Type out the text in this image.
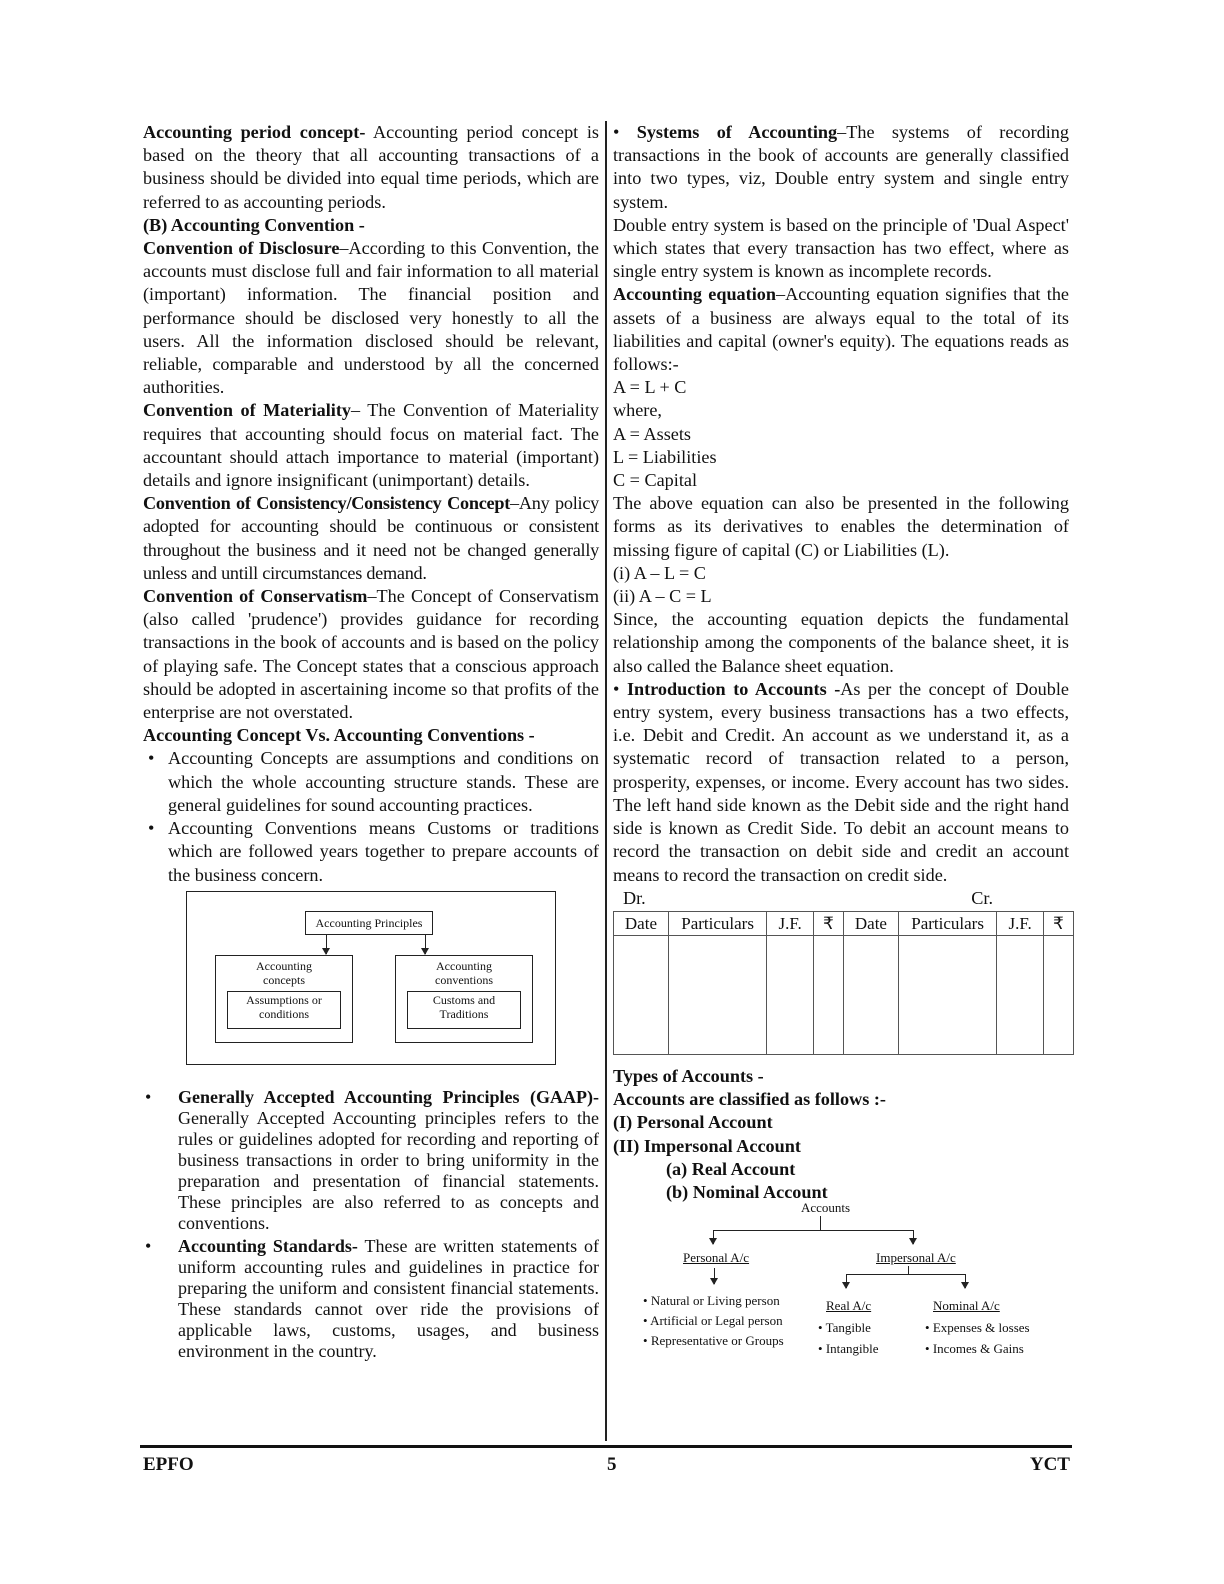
Accounting period concept- Accounting period concept is based on the theory that all accounting transactions of a business should be divided into equal time periods, which are referred to as accounting periods.

(B) Accounting Convention -

Convention of Disclosure–According to this Convention, the accounts must disclose full and fair information to all material (important) information. The financial position and performance should be disclosed very honestly to all the users. All the information disclosed should be relevant, reliable, comparable and understood by all the concerned authorities.

Convention of Materiality– The Convention of Materiality requires that accounting should focus on material fact. The accountant should attach importance to material (important) details and ignore insignificant (unimportant) details.

Convention of Consistency/Consistency Concept–Any policy adopted for accounting should be continuous or consistent throughout the business and it need not be changed generally unless and untill circumstances demand.

Convention of Conservatism–The Concept of Conservatism (also called 'prudence') provides guidance for recording transactions in the book of accounts and is based on the policy of playing safe. The Concept states that a conscious approach should be adopted in ascertaining income so that profits of the enterprise are not overstated.

Accounting Concept Vs. Accounting Conventions -

• Accounting Concepts are assumptions and conditions on which the whole accounting structure stands. These are general guidelines for sound accounting practices.
• Accounting Conventions means Customs or traditions which are followed years together to prepare accounts of the business concern.
Accounting Principles
Accounting concepts
Assumptions or conditions
Accounting conventions
Customs and Traditions
• Generally Accepted Accounting Principles (GAAP)- Generally Accepted Accounting principles refers to the rules or guidelines adopted for recording and reporting of business transactions in order to bring uniformity in the preparation and presentation of financial statements. These principles are also referred to as concepts and conventions.
• Accounting Standards- These are written statements of uniform accounting rules and guidelines in practice for preparing the uniform and consistent financial statements. These standards cannot over ride the provisions of applicable laws, customs, usages, and business environment in the country.

• Systems of Accounting–The systems of recording transactions in the book of accounts are generally classified into two types, viz, Double entry system and single entry system.

Double entry system is based on the principle of 'Dual Aspect' which states that every transaction has two effect, where as single entry system is known as incomplete records.

Accounting equation–Accounting equation signifies that the assets of a business are always equal to the total of its liabilities and capital (owner's equity). The equations reads as follows:-

A = L + C

where,

A = Assets

L = Liabilities

C = Capital

The above equation can also be presented in the following forms as its derivatives to enables the determination of missing figure of capital (C) or Liabilities (L).

(i) A – L = C

(ii) A – C = L

Since, the accounting equation depicts the fundamental relationship among the components of the balance sheet, it is also called the Balance sheet equation.

• Introduction to Accounts -As per the concept of Double entry system, every business transactions has a two effects, i.e. Debit and Credit. An account as we understand it, as a systematic record of transaction related to a person, prosperity, expenses, or income. Every account has two sides. The left hand side known as the Debit side and the right hand side is known as Credit Side. To debit an account means to record the transaction on debit side and credit an account means to record the transaction on credit side.

Dr.	Cr.
Date	Particulars	J.F.	₹	Date	Particulars	J.F.	₹

Types of Accounts -

Accounts are classified as follows :-

(I) Personal Account

(II) Impersonal Account

(a) Real Account

(b) Nominal Account

Accounts
Personal A/c	Impersonal A/c
• Natural or Living person
• Artificial or Legal person
• Representative or Groups
Real A/c
• Tangible
• Intangible
Nominal A/c
• Expenses & losses
• Incomes & Gains
EPFO	5	YCT
